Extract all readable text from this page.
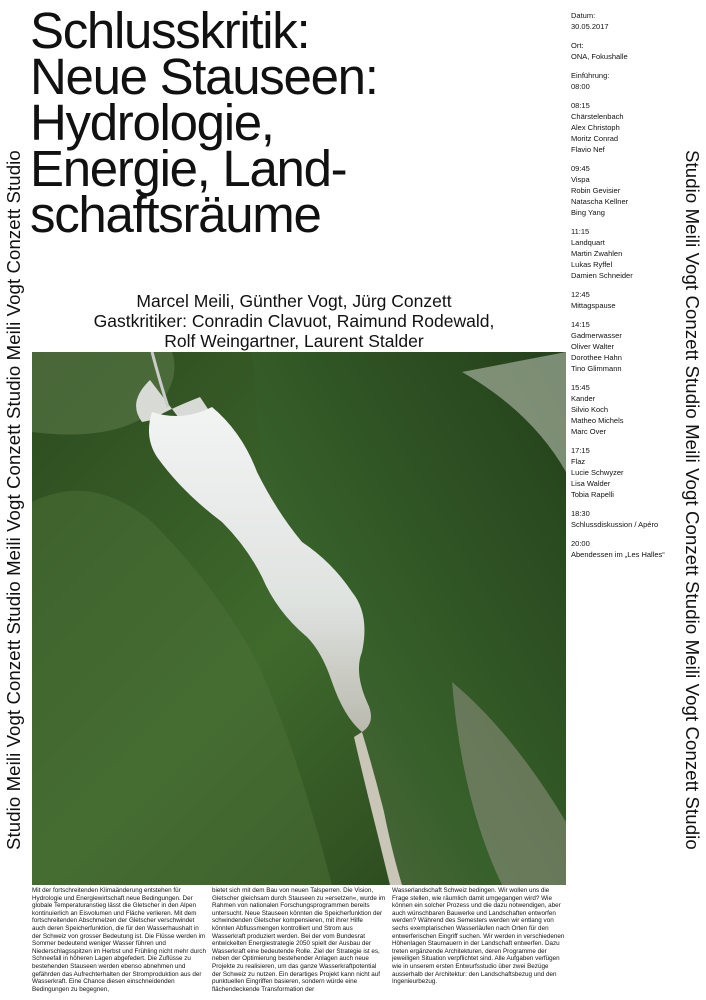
Studio Meili Vogt Conzett Studio Meili Vogt Conzett Studio Meili Vogt Conzett Studio	Studio Meili Vogt Conzett Studio Meili Vogt Conzett Studio Meili Vogt Conzett Studio
Schlusskritik:
Neue Stauseen:
Hydrologie,
Energie, Land-
schaftsräume
Marcel Meili, Günther Vogt, Jürg Conzett
Gastkritiker: Conradin Clavuot, Raimund Rodewald,
Rolf Weingartner, Laurent Stalder
Datum:
30.05.2017
Ort:
ONA, Fokushalle
Einführung:
08:00
08:15
Chärstelenbach
Alex Christoph
Moritz Conrad
Flavio Nef
09:45
Vispa
Robin Gevisier
Natascha Kellner
Bing Yang
11:15
Landquart
Martin Zwahlen
Lukas Ryffel
Damien Schneider
12:45
Mittagspause
14:15
Gadmerwasser
Oliver Walter
Dorothee Hahn
Tino Glimmann
15:45
Kander
Silvio Koch
Matheo Michels
Marc Over
17:15
Flaz
Lucie Schwyzer
Lisa Walder
Tobia Rapelli
18:30
Schlussdiskussion / Apéro
20:00
Abendessen im „Les Halles“

Mit der fortschreitenden Klimaänderung entstehen für Hydrologie und Energiewirtschaft neue Bedingungen. Der globale Temperaturanstieg lässt die Gletscher in den Alpen kontinuierlich an Eisvolumen und Fläche verlieren. Mit dem fortschreitenden Abschmelzen der Gletscher verschwindet auch deren Speicherfunktion, die für den Wasserhaushalt in der Schweiz von grosser Bedeutung ist. Die Flüsse werden im Sommer bedeutend weniger Wasser führen und Niederschlagsspitzen im Herbst und Frühling nicht mehr durch Schneefall in höheren Lagen abgefedert. Die Zuflüsse zu bestehenden Stauseen werden ebenso abnehmen und gefährden das Aufrechterhalten der Stromproduktion aus der Wasserkraft. Eine Chance diesen einschneidenden Bedingungen zu begegnen,

bietet sich mit dem Bau von neuen Talsperren. Die Vision, Gletscher gleichsam durch Stauseen zu »ersetzen«, wurde im Rahmen von nationalen Forschungsprogrammen bereits untersucht. Neue Stauseen könnten die Speicherfunktion der schwindenden Gletscher kompensieren, mit ihrer Hilfe könnten Abflussmengen kontrolliert und Strom aus Wasserkraft produziert werden. Bei der vom Bundesrat entwickelten Energiestrategie 2050 spielt der Ausbau der Wasserkraft eine bedeutende Rolle. Ziel der Strategie ist es, neben der Optimierung bestehender Anlagen auch neue Projekte zu realisieren, um das ganze Wasserkraftpotential der Schweiz zu nutzen. Ein derartiges Projekt kann nicht auf punktuellen Eingriffen basieren, sondern würde eine flächendeckende Transformation der

Wasserlandschaft Schweiz bedingen. Wir wollen uns die Frage stellen, wie räumlich damit umgegangen wird? Wie können ein solcher Prozess und die dazu notwendigen, aber auch wünschbaren Bauwerke und Landschaften entworfen werden? Während des Semesters werden wir entlang von sechs exemplarischen Wasserläufen nach Orten für den entwerferischen Eingriff suchen. Wir werden in verschiedenen Höhenlagen Staumauern in der Landschaft entwerfen. Dazu treten ergänzende Architekturen, deren Programme der jeweiligen Situation verpflichtet sind. Alle Aufgaben verfügen wie in unserem ersten Entwurfsstudio über zwei Bezüge ausserhalb der Architektur: den Landschaftsbezug und den Ingenieurbezug.
